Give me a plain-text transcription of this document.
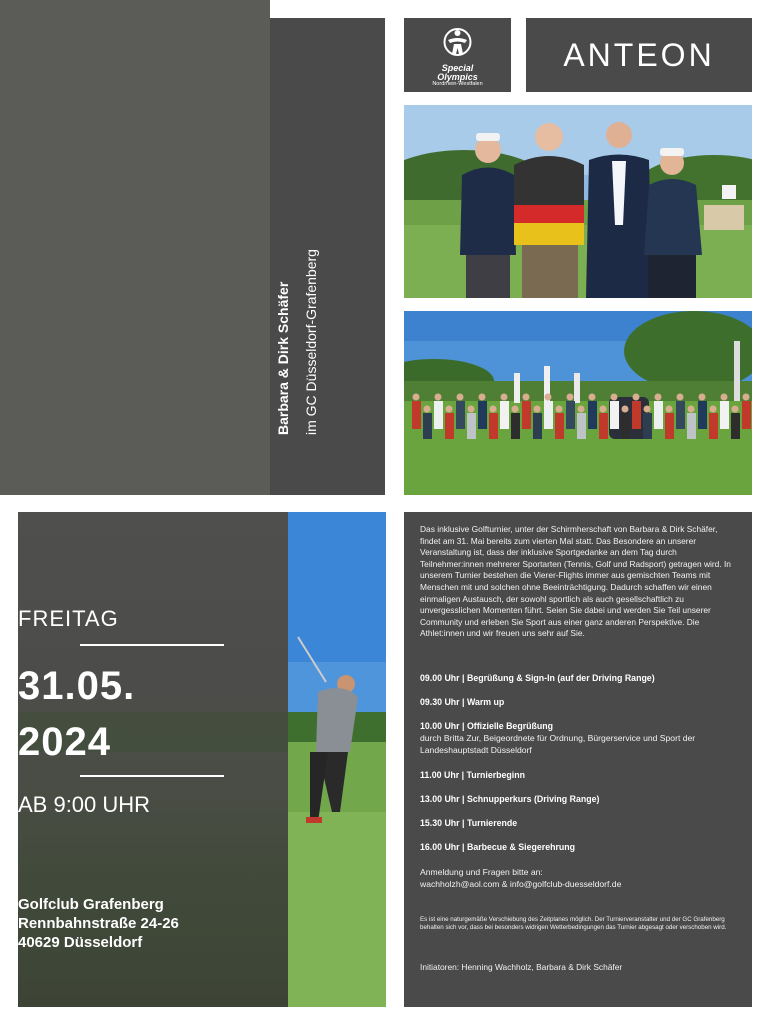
Barbara & Dirk Schäfer im GC Düsseldorf-Grafenberg
Special
Olympics
Nordrhein-Westfalen
ANTEON
FREITAG
31.05.
2024
AB 9:00 UHR
Golfclub Grafenberg
Rennbahnstraße 24-26
40629 Düsseldorf
Das inklusive Golfturnier, unter der Schirmherschaft von Barbara & Dirk Schäfer, findet am 31. Mai bereits zum vierten Mal statt. Das Besondere an unserer Veranstaltung ist, dass der inklusive Sportgedanke an dem Tag durch Teilnehmer:innen mehrerer Sportarten (Tennis, Golf und Radsport) getragen wird. In unserem Turnier bestehen die Vierer-Flights immer aus gemischten Teams mit Menschen mit und solchen ohne Beeinträchtigung. Dadurch schaffen wir einen einmaligen Austausch, der sowohl sportlich als auch gesellschaftlich zu unvergesslichen Momenten führt. Seien Sie dabei und werden Sie Teil unserer Community und erleben Sie Sport aus einer ganz anderen Perspektive. Die Athlet:innen und wir freuen uns sehr auf Sie.
09.00 Uhr | Begrüßung & Sign-In (auf der Driving Range)
09.30 Uhr | Warm up
10.00 Uhr | Offizielle Begrüßung
durch Britta Zur, Beigeordnete für Ordnung, Bürgerservice und Sport der Landeshauptstadt Düsseldorf
11.00 Uhr | Turnierbeginn
13.00 Uhr | Schnupperkurs (Driving Range)
15.30 Uhr | Turnierende
16.00 Uhr | Barbecue & Siegerehrung
Anmeldung und Fragen bitte an:
wachholzh@aol.com & info@golfclub-duesseldorf.de
Es ist eine naturgemäße Verschiebung des Zeitplanes möglich. Der Turnierveranstalter und der GC Grafenberg behalten sich vor, dass bei besonders widrigen Wetterbedingungen das Turnier abgesagt oder verschoben wird.
Initiatoren: Henning Wachholz, Barbara & Dirk Schäfer
